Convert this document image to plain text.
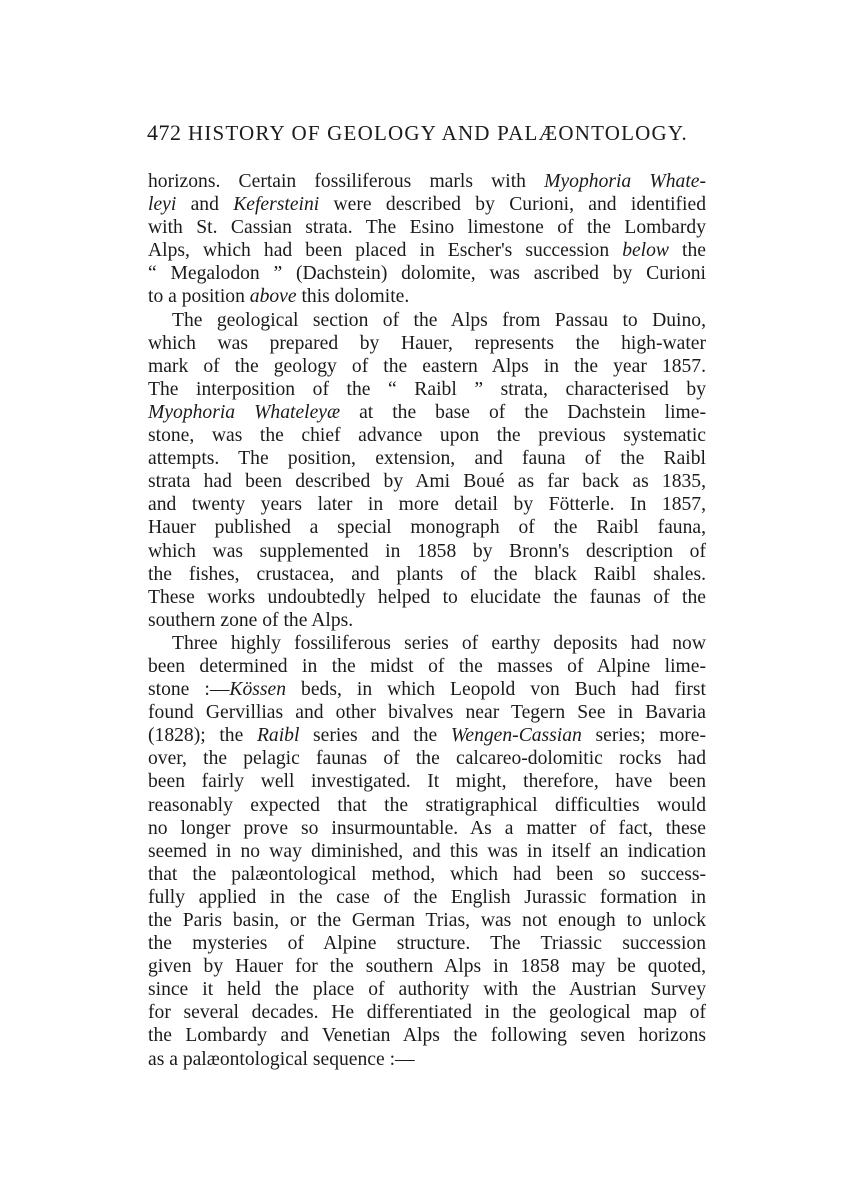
472 HISTORY OF GEOLOGY AND PALÆONTOLOGY.
horizons. Certain fossiliferous marls with Myophoria Whate-
leyi and Kefersteini were described by Curioni, and identified
with St. Cassian strata. The Esino limestone of the Lombardy
Alps, which had been placed in Escher's succession below the
“ Megalodon ” (Dachstein) dolomite, was ascribed by Curioni
to a position above this dolomite.
The geological section of the Alps from Passau to Duino,
which was prepared by Hauer, represents the high-water
mark of the geology of the eastern Alps in the year 1857.
The interposition of the “ Raibl ” strata, characterised by
Myophoria Whateleyæ at the base of the Dachstein lime-
stone, was the chief advance upon the previous systematic
attempts. The position, extension, and fauna of the Raibl
strata had been described by Ami Boué as far back as 1835,
and twenty years later in more detail by Fötterle. In 1857,
Hauer published a special monograph of the Raibl fauna,
which was supplemented in 1858 by Bronn's description of
the fishes, crustacea, and plants of the black Raibl shales.
These works undoubtedly helped to elucidate the faunas of the
southern zone of the Alps.
Three highly fossiliferous series of earthy deposits had now
been determined in the midst of the masses of Alpine lime-
stone :—Kössen beds, in which Leopold von Buch had first
found Gervillias and other bivalves near Tegern See in Bavaria
(1828); the Raibl series and the Wengen-Cassian series; more-
over, the pelagic faunas of the calcareo-dolomitic rocks had
been fairly well investigated. It might, therefore, have been
reasonably expected that the stratigraphical difficulties would
no longer prove so insurmountable. As a matter of fact, these
seemed in no way diminished, and this was in itself an indication
that the palæontological method, which had been so success-
fully applied in the case of the English Jurassic formation in
the Paris basin, or the German Trias, was not enough to unlock
the mysteries of Alpine structure. The Triassic succession
given by Hauer for the southern Alps in 1858 may be quoted,
since it held the place of authority with the Austrian Survey
for several decades. He differentiated in the geological map of
the Lombardy and Venetian Alps the following seven horizons
as a palæontological sequence :—
